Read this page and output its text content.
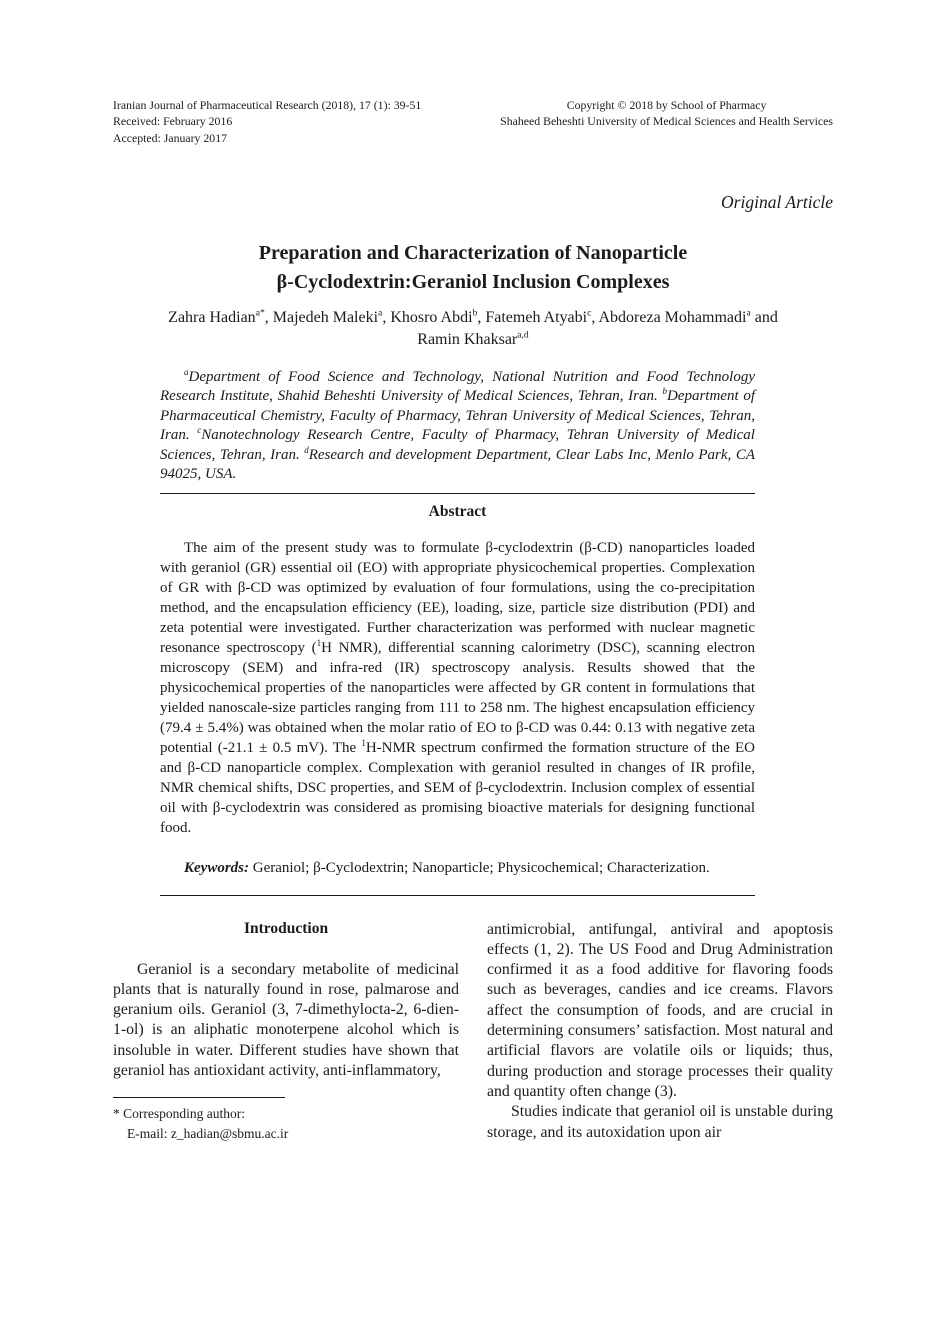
Iranian Journal of Pharmaceutical Research (2018), 17 (1): 39-51
Received: February 2016
Accepted: January 2017
Copyright © 2018 by School of Pharmacy
Shaheed Beheshti University of Medical Sciences and Health Services
Original Article
Preparation and Characterization of Nanoparticle
β-Cyclodextrin:Geraniol Inclusion Complexes
Zahra Hadian$^{a*}$, Majedeh Maleki$^a$, Khosro Abdi$^b$, Fatemeh Atyabi$^c$, Abdoreza Mohammadi$^a$ and
Ramin Khaksar$^{a,d}$
$^a$Department of Food Science and Technology, National Nutrition and Food Technology Research Institute, Shahid Beheshti University of Medical Sciences, Tehran, Iran. $^b$Department of Pharmaceutical Chemistry, Faculty of Pharmacy, Tehran University of Medical Sciences, Tehran, Iran. $^c$Nanotechnology Research Centre, Faculty of Pharmacy, Tehran University of Medical Sciences, Tehran, Iran. $^d$Research and development Department, Clear Labs Inc, Menlo Park, CA 94025, USA.
Abstract
The aim of the present study was to formulate β-cyclodextrin (β-CD) nanoparticles loaded with geraniol (GR) essential oil (EO) with appropriate physicochemical properties. Complexation of GR with β-CD was optimized by evaluation of four formulations, using the co-precipitation method, and the encapsulation efficiency (EE), loading, size, particle size distribution (PDI) and zeta potential were investigated. Further characterization was performed with nuclear magnetic resonance spectroscopy ($^1$H NMR), differential scanning calorimetry (DSC), scanning electron microscopy (SEM) and infra-red (IR) spectroscopy analysis. Results showed that the physicochemical properties of the nanoparticles were affected by GR content in formulations that yielded nanoscale-size particles ranging from 111 to 258 nm. The highest encapsulation efficiency (79.4 ± 5.4%) was obtained when the molar ratio of EO to β-CD was 0.44: 0.13 with negative zeta potential (-21.1 ± 0.5 mV). The $^1$H-NMR spectrum confirmed the formation structure of the EO and β-CD nanoparticle complex. Complexation with geraniol resulted in changes of IR profile, NMR chemical shifts, DSC properties, and SEM of β-cyclodextrin. Inclusion complex of essential oil with β-cyclodextrin was considered as promising bioactive materials for designing functional food.
Keywords: Geraniol; β-Cyclodextrin; Nanoparticle; Physicochemical; Characterization.
Introduction

Geraniol is a secondary metabolite of medicinal plants that is naturally found in rose, palmarose and geranium oils. Geraniol (3, 7-dimethylocta-2, 6-dien-1-ol) is an aliphatic monoterpene alcohol which is insoluble in water. Different studies have shown that geraniol has antioxidant activity, anti-inflammatory,

* Corresponding author:
E-mail: z_hadian@sbmu.ac.ir

antimicrobial, antifungal, antiviral and apoptosis effects (1, 2). The US Food and Drug Administration confirmed it as a food additive for flavoring foods such as beverages, candies and ice creams. Flavors affect the consumption of foods, and are crucial in determining consumers’ satisfaction. Most natural and artificial flavors are volatile oils or liquids; thus, during production and storage processes their quality and quantity often change (3).

Studies indicate that geraniol oil is unstable during storage, and its autoxidation upon air
